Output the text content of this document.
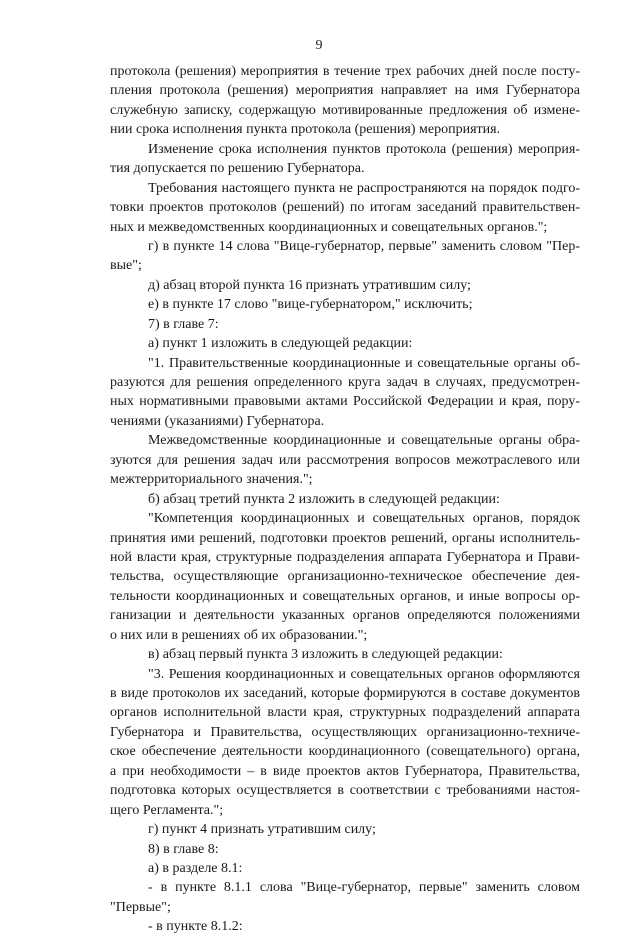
9
протокола (решения) мероприятия в течение трех рабочих дней после посту-
пления протокола (решения) мероприятия направляет на имя Губернатора
служебную записку, содержащую мотивированные предложения об измене-
нии срока исполнения пункта протокола (решения) мероприятия.
Изменение срока исполнения пунктов протокола (решения) мероприя-
тия допускается по решению Губернатора.
Требования настоящего пункта не распространяются на порядок подго-
товки проектов протоколов (решений) по итогам заседаний правительствен-
ных и межведомственных координационных и совещательных органов.";
г) в пункте 14 слова "Вице-губернатор, первые" заменить словом "Пер-
вые";
д) абзац второй пункта 16 признать утратившим силу;
е) в пункте 17 слово "вице-губернатором," исключить;
7) в главе 7:
а) пункт 1 изложить в следующей редакции:
"1. Правительственные координационные и совещательные органы об-
разуются для решения определенного круга задач в случаях, предусмотрен-
ных нормативными правовыми актами Российской Федерации и края, пору-
чениями (указаниями) Губернатора.
Межведомственные координационные и совещательные органы обра-
зуются для решения задач или рассмотрения вопросов межотраслевого или
межтерриториального значения.";
б) абзац третий пункта 2 изложить в следующей редакции:
"Компетенция координационных и совещательных органов, порядок
принятия ими решений, подготовки проектов решений, органы исполнитель-
ной власти края, структурные подразделения аппарата Губернатора и Прави-
тельства, осуществляющие организационно-техническое обеспечение дея-
тельности координационных и совещательных органов, и иные вопросы ор-
ганизации и деятельности указанных органов определяются положениями
о них или в решениях об их образовании.";
в) абзац первый пункта 3 изложить в следующей редакции:
"3. Решения координационных и совещательных органов оформляются
в виде протоколов их заседаний, которые формируются в составе документов
органов исполнительной власти края, структурных подразделений аппарата
Губернатора и Правительства, осуществляющих организационно-техниче-
ское обеспечение деятельности координационного (совещательного) органа,
а при необходимости – в виде проектов актов Губернатора, Правительства,
подготовка которых осуществляется в соответствии с требованиями настоя-
щего Регламента.";
г) пункт 4 признать утратившим силу;
8) в главе 8:
а) в разделе 8.1:
- в пункте 8.1.1 слова "Вице-губернатор, первые" заменить словом
"Первые";
- в пункте 8.1.2:
